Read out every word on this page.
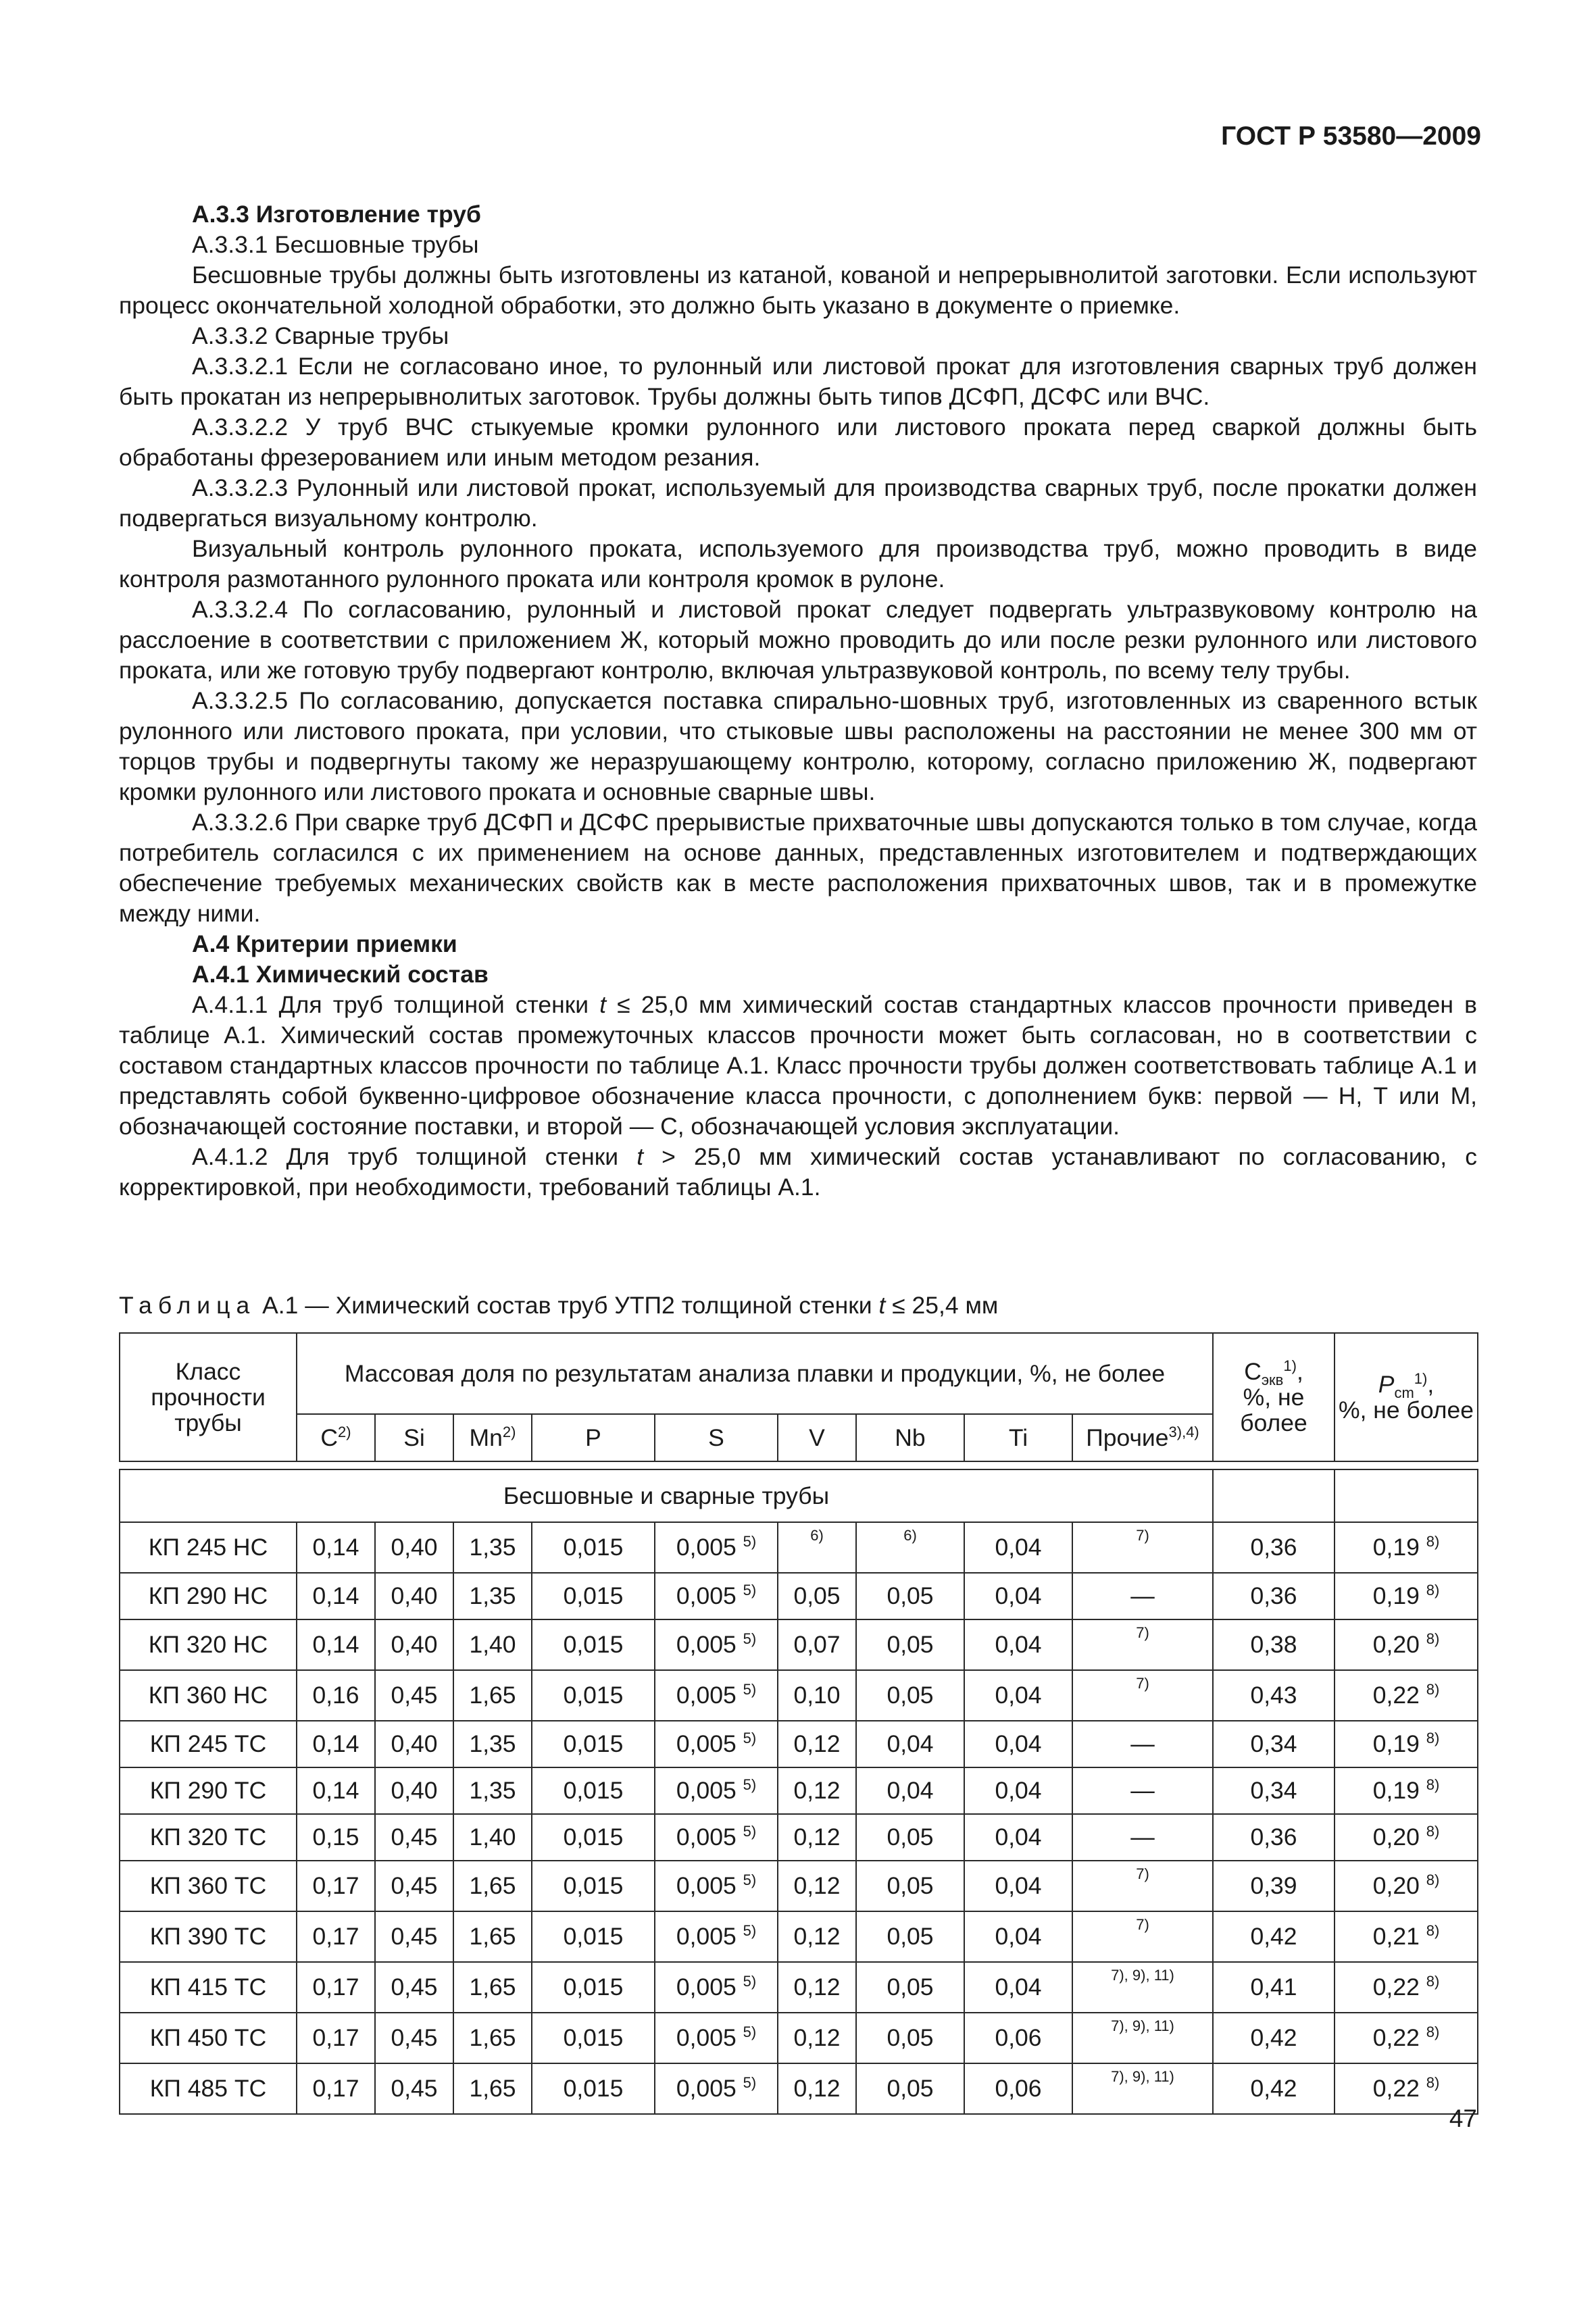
ГОСТ Р 53580—2009

А.3.3 Изготовление труб

А.3.3.1 Бесшовные трубы

Бесшовные трубы должны быть изготовлены из катаной, кованой и непрерывнолитой заготовки. Если используют процесс окончательной холодной обработки, это должно быть указано в документе о приемке.

А.3.3.2 Сварные трубы

А.3.3.2.1 Если не согласовано иное, то рулонный или листовой прокат для изготовления сварных труб должен быть прокатан из непрерывнолитых заготовок. Трубы должны быть типов ДСФП, ДСФС или ВЧС.

А.3.3.2.2 У труб ВЧС стыкуемые кромки рулонного или листового проката перед сваркой должны быть обработаны фрезерованием или иным методом резания.

А.3.3.2.3 Рулонный или листовой прокат, используемый для производства сварных труб, после прокатки должен подвергаться визуальному контролю.

Визуальный контроль рулонного проката, используемого для производства труб, можно проводить в виде контроля размотанного рулонного проката или контроля кромок в рулоне.

А.3.3.2.4 По согласованию, рулонный и листовой прокат следует подвергать ультразвуковому контролю на расслоение в соответствии с приложением Ж, который можно проводить до или после резки рулонного или листового проката, или же готовую трубу подвергают контролю, включая ультразвуковой контроль, по всему телу трубы.

А.3.3.2.5 По согласованию, допускается поставка спирально-шовных труб, изготовленных из сваренного встык рулонного или листового проката, при условии, что стыковые швы расположены на расстоянии не менее 300 мм от торцов трубы и подвергнуты такому же неразрушающему контролю, которому, согласно приложению Ж, подвергают кромки рулонного или листового проката и основные сварные швы.

А.3.3.2.6 При сварке труб ДСФП и ДСФС прерывистые прихваточные швы допускаются только в том случае, когда потребитель согласился с их применением на основе данных, представленных изготовителем и подтверждающих обеспечение требуемых механических свойств как в месте расположения прихваточных швов, так и в промежутке между ними.

А.4 Критерии приемки

А.4.1 Химический состав

А.4.1.1 Для труб толщиной стенки t ≤ 25,0 мм химический состав стандартных классов прочности приведен в таблице А.1. Химический состав промежуточных классов прочности может быть согласован, но в соответствии с составом стандартных классов прочности по таблице А.1. Класс прочности трубы должен соответствовать таблице А.1 и представлять собой буквенно-цифровое обозначение класса прочности, с дополнением букв: первой — Н, Т или М, обозначающей состояние поставки, и второй — С, обозначающей условия эксплуатации.

А.4.1.2 Для труб толщиной стенки t > 25,0 мм химический состав устанавливают по согласованию, с корректировкой, при необходимости, требований таблицы А.1.

Таблица А.1 — Химический состав труб УТП2 толщиной стенки t ≤ 25,4 мм
Класс прочности трубы	Массовая доля по результатам анализа плавки и продукции, %, не более									$С_{экв}^{1)}$,
%, не более	$P_{cm}^{1)}$,
%, не более
	$C^{2)}$	Si	Mn$^{2)}$	P	S	V	Nb	Ti	Прочие$^{3),4)}$

Бесшовные и сварные трубы											
КП 245 НС	0,14	0,40	1,35	0,015	0,005 $^{5)}$	6)	6)	0,04	7)	0,36	0,19 $^{8)}$
КП 290 НС	0,14	0,40	1,35	0,015	0,005 $^{5)}$	0,05	0,05	0,04	—	0,36	0,19 $^{8)}$
КП 320 НС	0,14	0,40	1,40	0,015	0,005 $^{5)}$	0,07	0,05	0,04	7)	0,38	0,20 $^{8)}$
КП 360 НС	0,16	0,45	1,65	0,015	0,005 $^{5)}$	0,10	0,05	0,04	7)	0,43	0,22 $^{8)}$
КП 245 ТС	0,14	0,40	1,35	0,015	0,005 $^{5)}$	0,12	0,04	0,04	—	0,34	0,19 $^{8)}$
КП 290 ТС	0,14	0,40	1,35	0,015	0,005 $^{5)}$	0,12	0,04	0,04	—	0,34	0,19 $^{8)}$
КП 320 ТС	0,15	0,45	1,40	0,015	0,005 $^{5)}$	0,12	0,05	0,04	—	0,36	0,20 $^{8)}$
КП 360 ТС	0,17	0,45	1,65	0,015	0,005 $^{5)}$	0,12	0,05	0,04	7)	0,39	0,20 $^{8)}$
КП 390 ТС	0,17	0,45	1,65	0,015	0,005 $^{5)}$	0,12	0,05	0,04	7)	0,42	0,21 $^{8)}$
КП 415 ТС	0,17	0,45	1,65	0,015	0,005 $^{5)}$	0,12	0,05	0,04	7), 9), 11)	0,41	0,22 $^{8)}$
КП 450 ТС	0,17	0,45	1,65	0,015	0,005 $^{5)}$	0,12	0,05	0,06	7), 9), 11)	0,42	0,22 $^{8)}$
КП 485 ТС	0,17	0,45	1,65	0,015	0,005 $^{5)}$	0,12	0,05	0,06	7), 9), 11)	0,42	0,22 $^{8)}$
47
